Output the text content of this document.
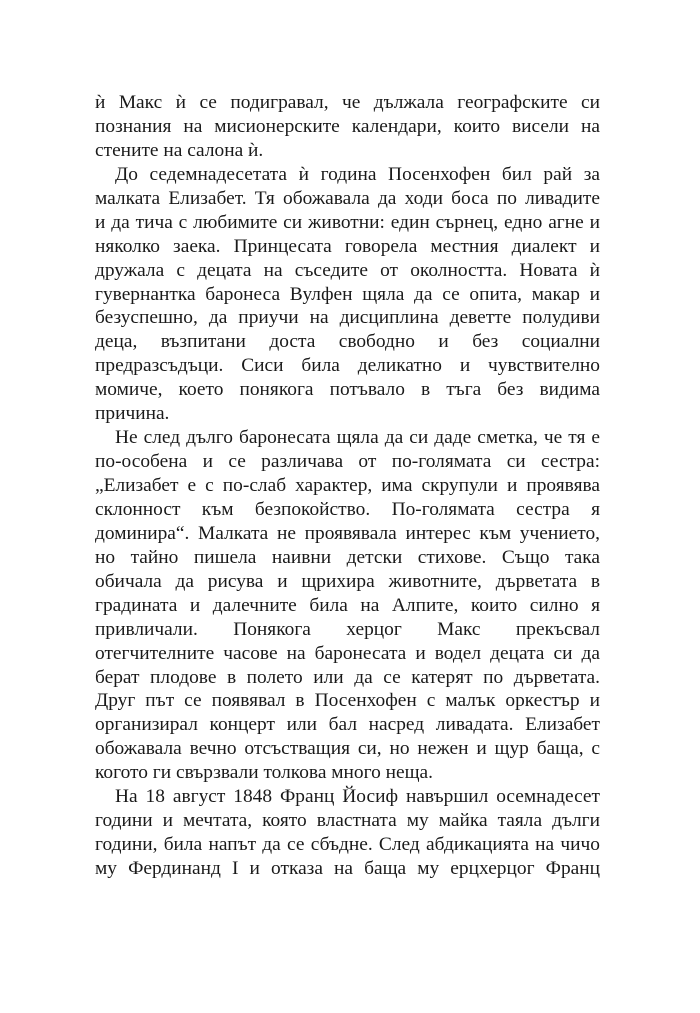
ѝ Макс ѝ се подигравал, че дължала географските си
познания на мисионерските календари, които висели на
стените на салона ѝ.
До седемнадесетата ѝ година Посенхофен бил рай за
малката Елизабет. Тя обожавала да ходи боса по ливадите
и да тича с любимите си животни: един сърнец, едно агне и
няколко заека. Принцесата говорела местния диалект и
дружала с децата на съседите от околността. Новата ѝ
гувернантка баронеса Вулфен щяла да се опита, макар и
безуспешно, да приучи на дисциплина деветте полудиви
деца, възпитани доста свободно и без социални
предразсъдъци. Сиси била деликатно и чувствително
момиче, което понякога потъвало в тъга без видима
причина.
Не след дълго баронесата щяла да си даде сметка, че тя е
по-особена и се различава от по-голямата си сестра:
„Елизабет е с по-слаб характер, има скрупули и проявява
склонност към безпокойство. По-голямата сестра я
доминира“. Малката не проявявала интерес към учението,
но тайно пишела наивни детски стихове. Също така
обичала да рисува и щрихира животните, дърветата в
градината и далечните била на Алпите, които силно я
привличали. Понякога херцог Макс прекъсвал
отегчителните часове на баронесата и водел децата си да
берат плодове в полето или да се катерят по дърветата.
Друг път се появявал в Посенхофен с малък оркестър и
организирал концерт или бал насред ливадата. Елизабет
обожавала вечно отсъстващия си, но нежен и щур баща, с
когото ги свързвали толкова много неща.
На 18 август 1848 Франц Йосиф навършил осемнадесет
години и мечтата, която властната му майка таяла дълги
години, била напът да се сбъдне. След абдикацията на чичо
му Фердинанд I и отказа на баща му ерцхерцог Франц
